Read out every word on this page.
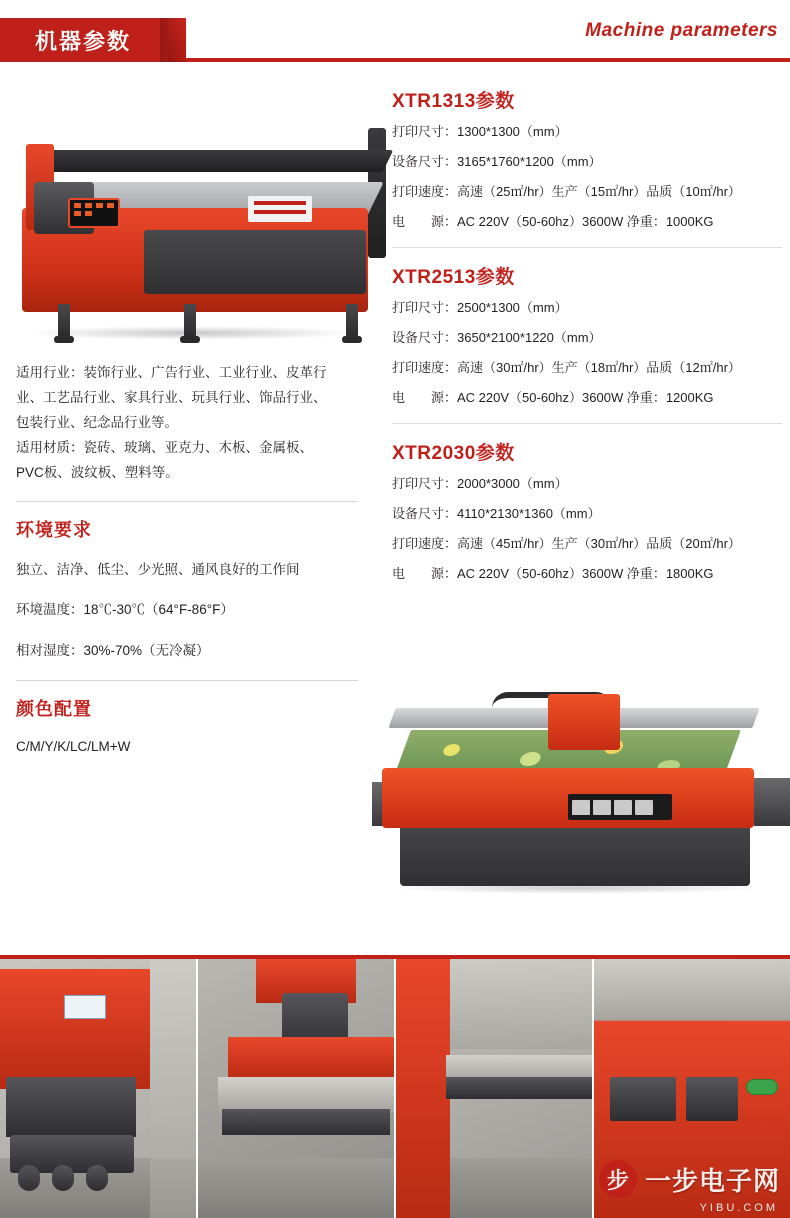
机器参数	Machine parameters

适用行业：装饰行业、广告行业、工业行业、皮革行

业、工艺品行业、家具行业、玩具行业、饰品行业、

包装行业、纪念品行业等。

适用材质：瓷砖、玻璃、亚克力、木板、金属板、

PVC板、波纹板、塑料等。

环境要求

独立、洁净、低尘、少光照、通风良好的工作间

环境温度：18℃-30℃（64°F-86°F）

相对湿度：30%-70%（无冷凝）

颜色配置
C/M/Y/K/LC/LM+W
XTR1313参数
打印尺寸：1300*1300（mm）
设备尺寸：3165*1760*1200（mm）
打印速度：高速（25㎡/hr）生产（15㎡/hr）品质（10㎡/hr）
电　　源：AC 220V（50-60hz）3600W 净重：1000KG
XTR2513参数
打印尺寸：2500*1300（mm）
设备尺寸：3650*2100*1220（mm）
打印速度：高速（30㎡/hr）生产（18㎡/hr）品质（12㎡/hr）
电　　源：AC 220V（50-60hz）3600W 净重：1200KG
XTR2030参数
打印尺寸：2000*3000（mm）
设备尺寸：4110*2130*1360（mm）
打印速度：高速（45㎡/hr）生产（30㎡/hr）品质（20㎡/hr）
电　　源：AC 220V（50-60hz）3600W 净重：1800KG
步 一步电子网
YIBU.COM
